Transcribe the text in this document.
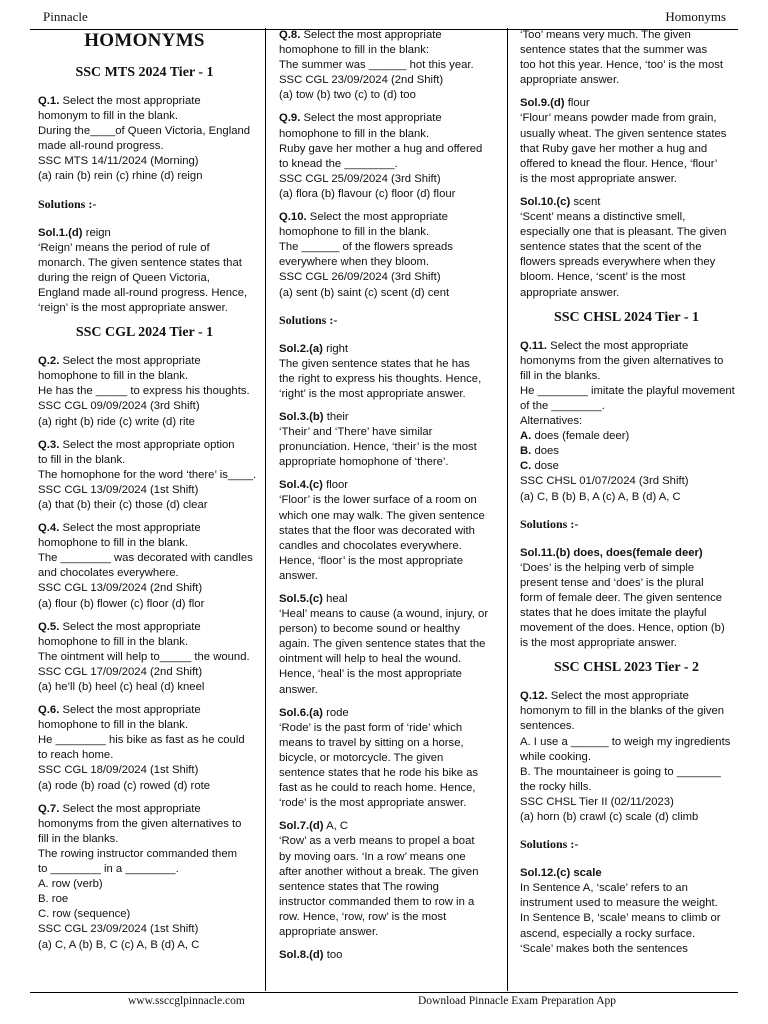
Pinnacle	Homonyms
HOMONYMS
SSC MTS 2024 Tier - 1
Q.1. Select the most appropriate
homonym to fill in the blank.
During the____of Queen Victoria, England
made all-round progress.
SSC MTS 14/11/2024 (Morning)
(a) rain (b) rein (c) rhine (d) reign
Solutions :-
Sol.1.(d) reign
‘Reign’ means the period of rule of
monarch. The given sentence states that
during the reign of Queen Victoria,
England made all-round progress. Hence,
‘reign’ is the most appropriate answer.
SSC CGL 2024 Tier - 1
Q.2. Select the most appropriate
homophone to fill in the blank.
He has the _____ to express his thoughts.
SSC CGL 09/09/2024 (3rd Shift)
(a) right (b) ride (c) write (d) rite
Q.3. Select the most appropriate option
to fill in the blank.
The homophone for the word ‘there’ is____.
SSC CGL 13/09/2024 (1st Shift)
(a) that (b) their (c) those (d) clear
Q.4. Select the most appropriate
homophone to fill in the blank.
The ________ was decorated with candles
and chocolates everywhere.
SSC CGL 13/09/2024 (2nd Shift)
(a) flour (b) flower (c) floor (d) flor
Q.5. Select the most appropriate
homophone to fill in the blank.
The ointment will help to_____ the wound.
SSC CGL 17/09/2024 (2nd Shift)
(a) he’ll (b) heel (c) heal (d) kneel
Q.6. Select the most appropriate
homophone to fill in the blank.
He ________ his bike as fast as he could
to reach home.
SSC CGL 18/09/2024 (1st Shift)
(a) rode (b) road (c) rowed (d) rote
Q.7. Select the most appropriate
homonyms from the given alternatives to
fill in the blanks.
The rowing instructor commanded them
to ________ in a ________.
A. row (verb)
B. roe
C. row (sequence)
SSC CGL 23/09/2024 (1st Shift)
(a) C, A (b) B, C (c) A, B (d) A, C
Q.8. Select the most appropriate
homophone to fill in the blank:
The summer was ______ hot this year.
SSC CGL 23/09/2024 (2nd Shift)
(a) tow (b) two (c) to (d) too
Q.9. Select the most appropriate
homophone to fill in the blank.
Ruby gave her mother a hug and offered
to knead the ________.
SSC CGL 25/09/2024 (3rd Shift)
(a) flora (b) flavour (c) floor (d) flour
Q.10. Select the most appropriate
homophone to fill in the blank.
The ______ of the flowers spreads
everywhere when they bloom.
SSC CGL 26/09/2024 (3rd Shift)
(a) sent (b) saint (c) scent (d) cent
Solutions :-
Sol.2.(a) right
The given sentence states that he has
the right to express his thoughts. Hence,
‘right’ is the most appropriate answer.
Sol.3.(b) their
‘Their’ and ‘There’ have similar
pronunciation. Hence, ‘their’ is the most
appropriate homophone of ‘there’.
Sol.4.(c) floor
‘Floor’ is the lower surface of a room on
which one may walk. The given sentence
states that the floor was decorated with
candles and chocolates everywhere.
Hence, ‘floor’ is the most appropriate
answer.
Sol.5.(c) heal
‘Heal’ means to cause (a wound, injury, or
person) to become sound or healthy
again. The given sentence states that the
ointment will help to heal the wound.
Hence, ‘heal’ is the most appropriate
answer.
Sol.6.(a) rode
‘Rode’ is the past form of ‘ride’ which
means to travel by sitting on a horse,
bicycle, or motorcycle. The given
sentence states that he rode his bike as
fast as he could to reach home. Hence,
‘rode’ is the most appropriate answer.
Sol.7.(d) A, C
‘Row’ as a verb means to propel a boat
by moving oars. ‘In a row’ means one
after another without a break. The given
sentence states that The rowing
instructor commanded them to row in a
row. Hence, ‘row, row’ is the most
appropriate answer.
Sol.8.(d) too
‘Too’ means very much. The given
sentence states that the summer was
too hot this year. Hence, ‘too’ is the most
appropriate answer.
Sol.9.(d) flour
‘Flour’ means powder made from grain,
usually wheat. The given sentence states
that Ruby gave her mother a hug and
offered to knead the flour. Hence, ‘flour’
is the most appropriate answer.
Sol.10.(c) scent
‘Scent’ means a distinctive smell,
especially one that is pleasant. The given
sentence states that the scent of the
flowers spreads everywhere when they
bloom. Hence, ‘scent’ is the most
appropriate answer.
SSC CHSL 2024 Tier - 1
Q.11. Select the most appropriate
homonyms from the given alternatives to
fill in the blanks.
He ________ imitate the playful movement
of the ________.
Alternatives:
A. does (female deer)
B. does
C. dose
SSC CHSL 01/07/2024 (3rd Shift)
(a) C, B (b) B, A (c) A, B (d) A, C
Solutions :-
Sol.11.(b) does, does(female deer)
‘Does’ is the helping verb of simple
present tense and ‘does’ is the plural
form of female deer. The given sentence
states that he does imitate the playful
movement of the does. Hence, option (b)
is the most appropriate answer.
SSC CHSL 2023 Tier - 2
Q.12. Select the most appropriate
homonym to fill in the blanks of the given
sentences.
A. I use a ______ to weigh my ingredients
while cooking.
B. The mountaineer is going to _______
the rocky hills.
SSC CHSL Tier II (02/11/2023)
(a) horn (b) crawl (c) scale (d) climb
Solutions :-
Sol.12.(c) scale
In Sentence A, ‘scale’ refers to an
instrument used to measure the weight.
In Sentence B, ‘scale’ means to climb or
ascend, especially a rocky surface.
‘Scale’ makes both the sentences
www.ssccglpinnacle.com	Download Pinnacle Exam Preparation App
